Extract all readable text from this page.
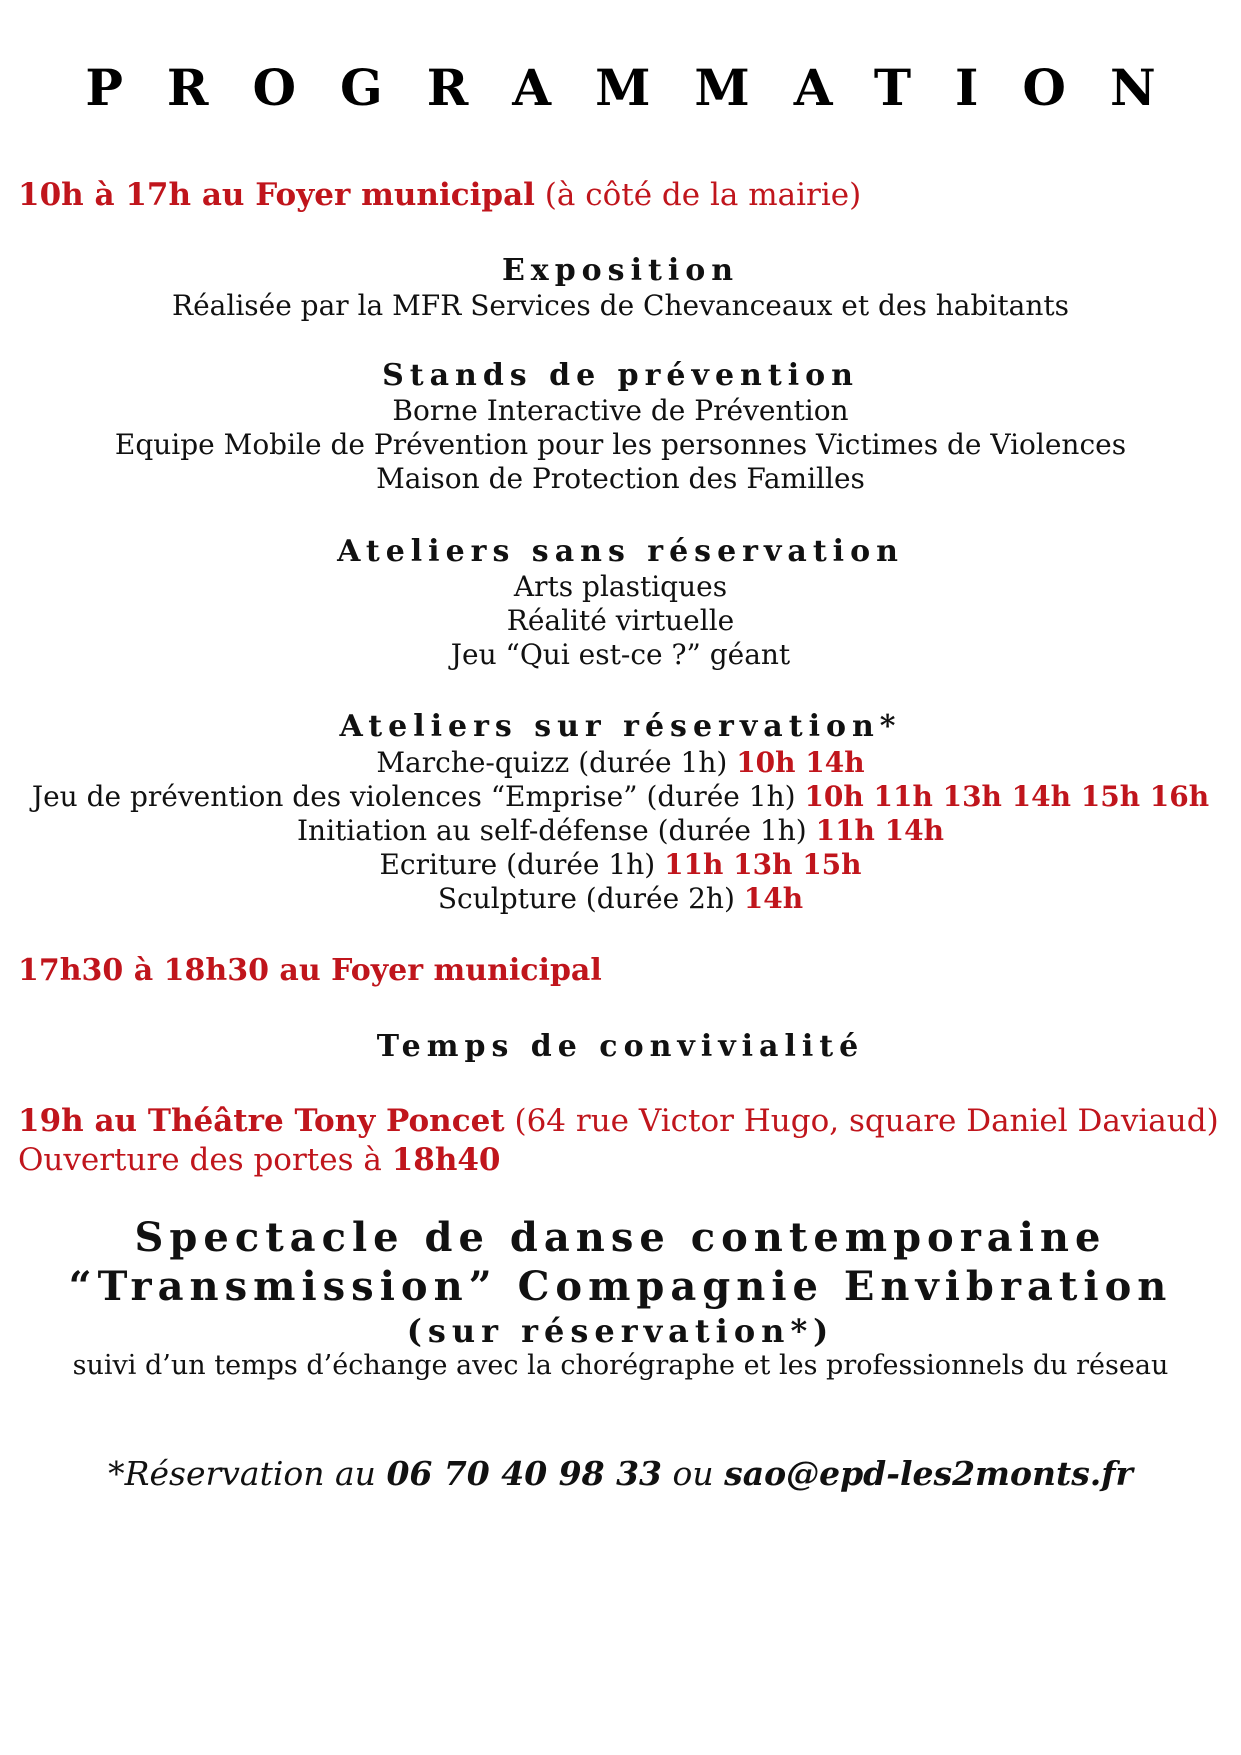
PROGRAMMATION
10h à 17h au Foyer municipal (à côté de la mairie)
Exposition
Réalisée par la MFR Services de Chevanceaux et des habitants
Stands de prévention
Borne Interactive de Prévention
Equipe Mobile de Prévention pour les personnes Victimes de Violences
Maison de Protection des Familles
Ateliers sans réservation
Arts plastiques
Réalité virtuelle
Jeu “Qui est-ce ?” géant
Ateliers sur réservation*
Marche-quizz (durée 1h) 10h 14h
Jeu de prévention des violences “Emprise” (durée 1h) 10h 11h 13h 14h 15h 16h
Initiation au self-défense (durée 1h) 11h 14h
Ecriture (durée 1h) 11h 13h 15h
Sculpture (durée 2h) 14h
17h30 à 18h30 au Foyer municipal
Temps de convivialité
19h au Théâtre Tony Poncet (64 rue Victor Hugo, square Daniel Daviaud)
Ouverture des portes à 18h40
Spectacle de danse contemporaine
“Transmission” Compagnie Envibration
(sur réservation*)
suivi d’un temps d’échange avec la chorégraphe et les professionnels du réseau
*Réservation au 06 70 40 98 33 ou sao@epd-les2monts.fr
